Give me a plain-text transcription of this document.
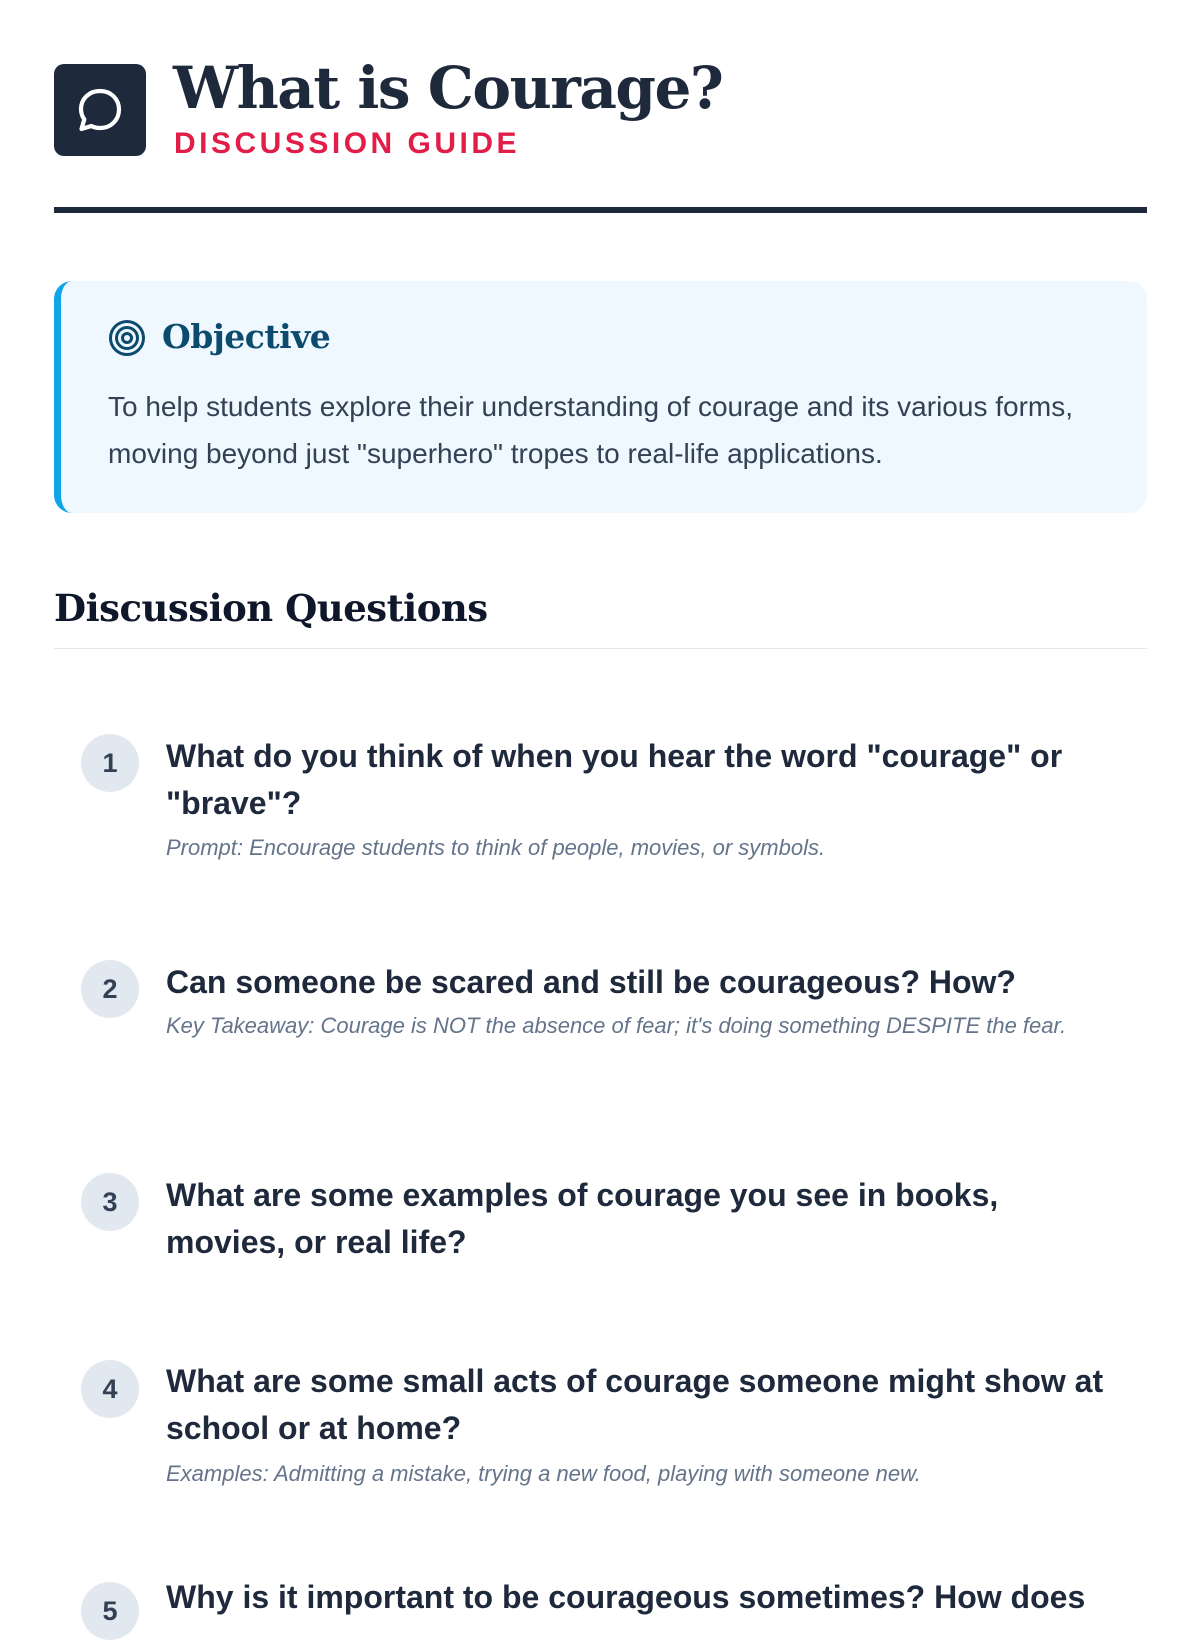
What is Courage?
DISCUSSION GUIDE
Objective

To help students explore their understanding of courage and its various forms, moving beyond just "superhero" tropes to real-life applications.

Discussion Questions
1	What do you think of when you hear the word "courage" or "brave"?

Prompt: Encourage students to think of people, movies, or symbols.

2	Can someone be scared and still be courageous? How?

Key Takeaway: Courage is NOT the absence of fear; it's doing something DESPITE the fear.

3	What are some examples of courage you see in books, movies, or real life?

4	What are some small acts of courage someone might show at school or at home?

Examples: Admitting a mistake, trying a new food, playing with someone new.

5	Why is it important to be courageous sometimes? How does
